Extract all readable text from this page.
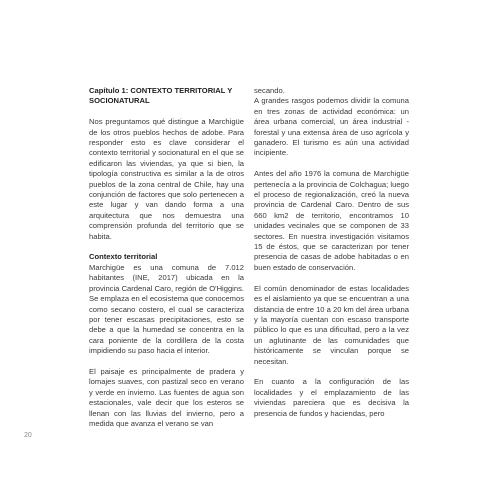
Capítulo 1: CONTEXTO TERRITORIAL Y SOCIONATURAL

Nos preguntamos qué distingue a Marchigüe de los otros pueblos hechos de adobe. Para responder esto es clave considerar el contexto territorial y socionatural en el que se edificaron las viviendas, ya que si bien, la tipología constructiva es similar a la de otros pueblos de la zona central de Chile, hay una conjunción de factores que solo pertenecen a este lugar y van dando forma a una arquitectura que nos demuestra una comprensión profunda del territorio que se habita.

Contexto territorial

Marchigüe es una comuna de 7.012 habitantes (INE, 2017) ubicada en la provincia Cardenal Caro, región de O'Higgins. Se emplaza en el ecosistema que conocemos como secano costero, el cual se caracteriza por tener escasas precipitaciones, esto se debe a que la humedad se concentra en la cara poniente de la cordillera de la costa impidiendo su paso hacia el interior.

El paisaje es principalmente de pradera y lomajes suaves, con pastizal seco en verano y verde en invierno. Las fuentes de agua son estacionales, vale decir que los esteros se llenan con las lluvias del invierno, pero a medida que avanza el verano se van

secando.

A grandes rasgos podemos dividir la comuna en tres zonas de actividad económica: un área urbana comercial, un área industrial - forestal y una extensa área de uso agrícola y ganadero. El turismo es aún una actividad incipiente.

Antes del año 1976 la comuna de Marchigüe pertenecía a la provincia de Colchagua; luego el proceso de regionalización, creó la nueva provincia de Cardenal Caro. Dentro de sus 660 km2 de territorio, encontramos 10 unidades vecinales que se componen de 33 sectores. En nuestra investigación visitamos 15 de éstos, que se caracterizan por tener presencia de casas de adobe habitadas o en buen estado de conservación.

El común denominador de estas localidades es el aislamiento ya que se encuentran a una distancia de entre 10 a 20 km del área urbana y la mayoría cuentan con escaso transporte público lo que es una dificultad, pero a la vez un aglutinante de las comunidades que históricamente se vinculan porque se necesitan.

En cuanto a la configuración de las localidades y el emplazamiento de las viviendas pareciera que es decisiva la presencia de fundos y haciendas, pero

20
